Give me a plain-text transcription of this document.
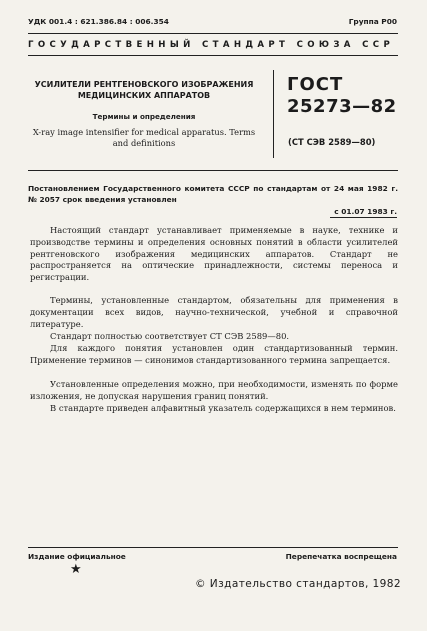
УДК 001.4 : 621.386.84 : 006.354	Группа Р00
ГОСУДАРСТВЕННЫЙ СТАНДАРТ СОЮЗА ССР
УСИЛИТЕЛИ РЕНТГЕНОВСКОГО ИЗОБРАЖЕНИЯ МЕДИЦИНСКИХ АППАРАТОВ
Термины и определения
X-ray image intensifier for medical apparatus. Terms and definitions
ГОСТ
25273—82
(СТ СЭВ 2589—80)
Постановлением Государственного комитета СССР по стандартам от 24 мая 1982 г. № 2057 срок введения установлен
с 01.07 1983 г.
Настоящий стандарт устанавливает применяемые в науке, технике и производстве термины и определения основных понятий в области усилителей рентгеновского изображения медицинских аппаратов. Стандарт не распространяется на оптические принадлежности, системы переноса и регистрации.
Термины, установленные стандартом, обязательны для применения в документации всех видов, научно-технической, учебной и справочной литературе.
Стандарт полностью соответствует СТ СЭВ 2589—80.
Для каждого понятия установлен один стандартизованный термин. Применение терминов — синонимов стандартизованного термина запрещается.
Установленные определения можно, при необходимости, изменять по форме изложения, не допуская нарушения границ понятий.
В стандарте приведен алфавитный указатель содержащихся в нем терминов.
Издание официальное	Перепечатка воспрещена
★
© Издательство стандартов, 1982
